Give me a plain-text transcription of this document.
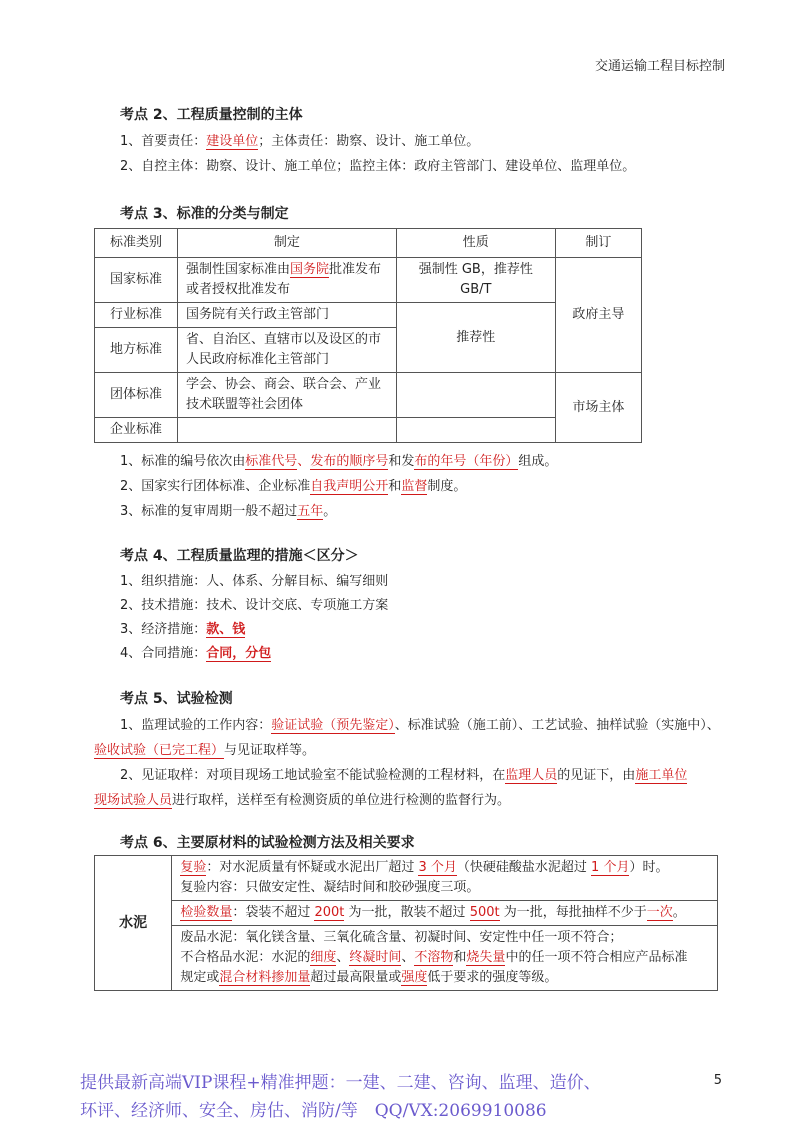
交通运输工程目标控制
考点 2、工程质量控制的主体
1、首要责任：建设单位；主体责任：勘察、设计、施工单位。
2、自控主体：勘察、设计、施工单位；监控主体：政府主管部门、建设单位、监理单位。
考点 3、标准的分类与制定
标准类别	制定	性质	制订
国家标准	强制性国家标准由国务院批准发布或者授权批准发布	强制性 GB，推荐性 GB/T	政府主导
行业标准	国务院有关行政主管部门	推荐性	
地方标准	省、自治区、直辖市以及设区的市人民政府标准化主管部门		
团体标准	学会、协会、商会、联合会、产业技术联盟等社会团体		市场主体
企业标准			
1、标准的编号依次由标准代号、发布的顺序号和发布的年号（年份）组成。
2、国家实行团体标准、企业标准自我声明公开和监督制度。
3、标准的复审周期一般不超过五年。
考点 4、工程质量监理的措施＜区分＞
1、组织措施：人、体系、分解目标、编写细则
2、技术措施：技术、设计交底、专项施工方案
3、经济措施：款、钱
4、合同措施：合同，分包
考点 5、试验检测
1、监理试验的工作内容：验证试验（预先鉴定）、标准试验（施工前）、工艺试验、抽样试验（实施中）、
验收试验（已完工程）与见证取样等。
2、见证取样：对项目现场工地试验室不能试验检测的工程材料，在监理人员的见证下，由施工单位
现场试验人员进行取样，送样至有检测资质的单位进行检测的监督行为。
考点 6、主要原材料的试验检测方法及相关要求
水泥	
复验：对水泥质量有怀疑或水泥出厂超过 3 个月（快硬硅酸盐水泥超过 1 个月）时。
复验内容：只做安定性、凝结时间和胶砂强度三项。

检验数量：袋装不超过 200t 为一批，散装不超过 500t 为一批，每批抽样不少于一次。

废品水泥：氧化镁含量、三氧化硫含量、初凝时间、安定性中任一项不符合；
不合格品水泥：水泥的细度、终凝时间、不溶物和烧失量中的任一项不符合相应产品标准
规定或混合材料掺加量超过最高限量或强度低于要求的强度等级。
提供最新高端VIP课程+精准押题：一建、二建、咨询、监理、造价、
环评、经济师、安全、房估、消防/等　QQ/VX:2069910086
5
